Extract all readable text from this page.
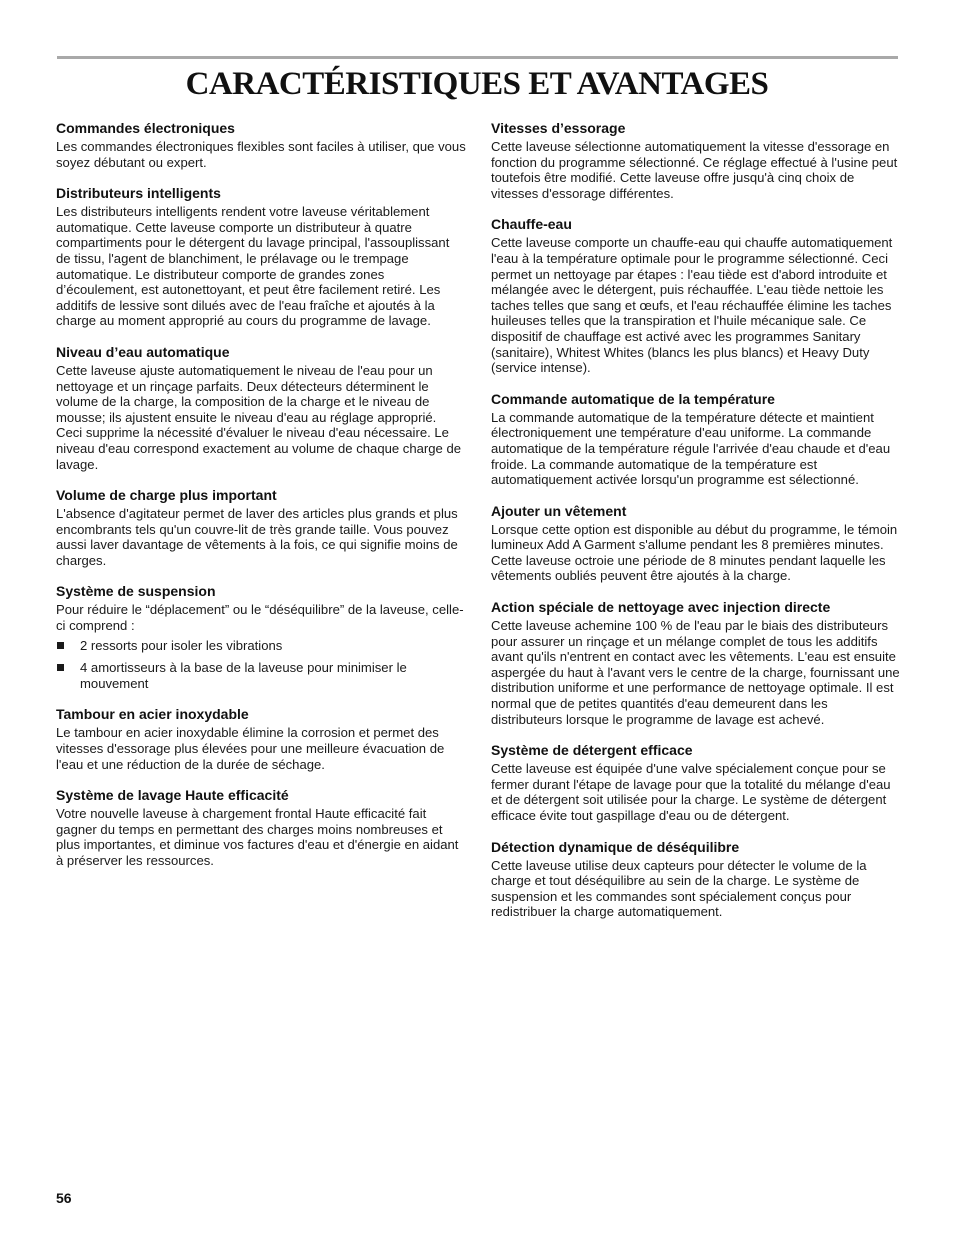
CARACTÉRISTIQUES ET AVANTAGES
Commandes électroniques

Les commandes électroniques flexibles sont faciles à utiliser, que vous soyez débutant ou expert.

Distributeurs intelligents

Les distributeurs intelligents rendent votre laveuse véritablement automatique. Cette laveuse comporte un distributeur à quatre compartiments pour le détergent du lavage principal, l'assouplissant de tissu, l'agent de blanchiment, le prélavage ou le trempage automatique. Le distributeur comporte de grandes zones d’écoulement, est autonettoyant, et peut être facilement retiré. Les additifs de lessive sont dilués avec de l'eau fraîche et ajoutés à la charge au moment approprié au cours du programme de lavage.

Niveau d’eau automatique

Cette laveuse ajuste automatiquement le niveau de l'eau pour un nettoyage et un rinçage parfaits. Deux détecteurs déterminent le volume de la charge, la composition de la charge et le niveau de mousse; ils ajustent ensuite le niveau d'eau au réglage approprié. Ceci supprime la nécessité d'évaluer le niveau d'eau nécessaire. Le niveau d'eau correspond exactement au volume de chaque charge de lavage.

Volume de charge plus important

L'absence d'agitateur permet de laver des articles plus grands et plus encombrants tels qu'un couvre-lit de très grande taille. Vous pouvez aussi laver davantage de vêtements à la fois, ce qui signifie moins de charges.

Système de suspension

Pour réduire le “déplacement” ou le “déséquilibre” de la laveuse, celle-ci comprend :

2 ressorts pour isoler les vibrations
4 amortisseurs à la base de la laveuse pour minimiser le mouvement
Tambour en acier inoxydable

Le tambour en acier inoxydable élimine la corrosion et permet des vitesses d'essorage plus élevées pour une meilleure évacuation de l'eau et une réduction de la durée de séchage.

Système de lavage Haute efficacité

Votre nouvelle laveuse à chargement frontal Haute efficacité fait gagner du temps en permettant des charges moins nombreuses et plus importantes, et diminue vos factures d'eau et d'énergie en aidant à préserver les ressources.

Vitesses d’essorage

Cette laveuse sélectionne automatiquement la vitesse d'essorage en fonction du programme sélectionné. Ce réglage effectué à l'usine peut toutefois être modifié. Cette laveuse offre jusqu'à cinq choix de vitesses d'essorage différentes.

Chauffe-eau

Cette laveuse comporte un chauffe-eau qui chauffe automatiquement l'eau à la température optimale pour le programme sélectionné. Ceci permet un nettoyage par étapes : l'eau tiède est d'abord introduite et mélangée avec le détergent, puis réchauffée. L'eau tiède nettoie les taches telles que sang et œufs, et l'eau réchauffée élimine les taches huileuses telles que la transpiration et l'huile mécanique sale. Ce dispositif de chauffage est activé avec les programmes Sanitary (sanitaire), Whitest Whites (blancs les plus blancs) et Heavy Duty (service intense).

Commande automatique de la température

La commande automatique de la température détecte et maintient électroniquement une température d'eau uniforme. La commande automatique de la température régule l'arrivée d'eau chaude et d'eau froide. La commande automatique de la température est automatiquement activée lorsqu'un programme est sélectionné.

Ajouter un vêtement

Lorsque cette option est disponible au début du programme, le témoin lumineux Add A Garment s'allume pendant les 8 premières minutes. Cette laveuse octroie une période de 8 minutes pendant laquelle les vêtements oubliés peuvent être ajoutés à la charge.

Action spéciale de nettoyage avec injection directe

Cette laveuse achemine 100 % de l'eau par le biais des distributeurs pour assurer un rinçage et un mélange complet de tous les additifs avant qu'ils n'entrent en contact avec les vêtements. L'eau est ensuite aspergée du haut à l'avant vers le centre de la charge, fournissant une distribution uniforme et une performance de nettoyage optimale. Il est normal que de petites quantités d'eau demeurent dans les distributeurs lorsque le programme de lavage est achevé.

Système de détergent efficace

Cette laveuse est équipée d'une valve spécialement conçue pour se fermer durant l'étape de lavage pour que la totalité du mélange d'eau et de détergent soit utilisée pour la charge. Le système de détergent efficace évite tout gaspillage d'eau ou de détergent.

Détection dynamique de déséquilibre

Cette laveuse utilise deux capteurs pour détecter le volume de la charge et tout déséquilibre au sein de la charge. Le système de suspension et les commandes sont spécialement conçus pour redistribuer la charge automatiquement.

56
